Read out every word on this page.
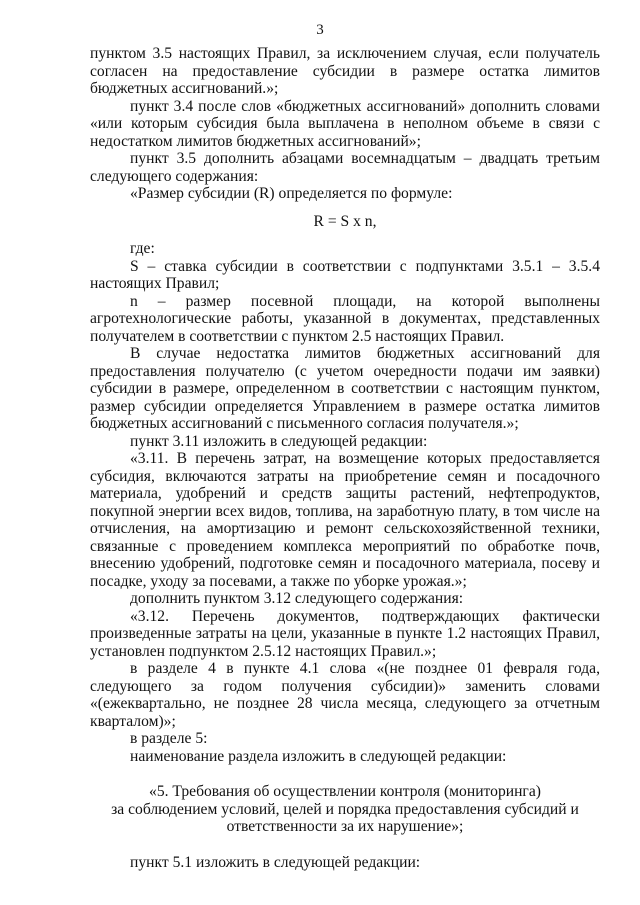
3

пунктом 3.5 настоящих Правил, за исключением случая, если получатель согласен на предоставление субсидии в размере остатка лимитов бюджетных ассигнований.»;

пункт 3.4 после слов «бюджетных ассигнований» дополнить словами «или которым субсидия была выплачена в неполном объеме в связи с недостатком лимитов бюджетных ассигнований»;

пункт 3.5 дополнить абзацами восемнадцатым – двадцать третьим следующего содержания:

«Размер субсидии (R) определяется по формуле:

R = S x n,

где:

S – ставка субсидии в соответствии с подпунктами 3.5.1 – 3.5.4 настоящих Правил;

n – размер посевной площади, на которой выполнены агротехнологические работы, указанной в документах, представленных получателем в соответствии с пунктом 2.5 настоящих Правил.

В случае недостатка лимитов бюджетных ассигнований для предоставления получателю (с учетом очередности подачи им заявки) субсидии в размере, определенном в соответствии с настоящим пунктом, размер субсидии определяется Управлением в размере остатка лимитов бюджетных ассигнований с письменного согласия получателя.»;

пункт 3.11 изложить в следующей редакции:

«3.11. В перечень затрат, на возмещение которых предоставляется субсидия, включаются затраты на приобретение семян и посадочного материала, удобрений и средств защиты растений, нефтепродуктов, покупной энергии всех видов, топлива, на заработную плату, в том числе на отчисления, на амортизацию и ремонт сельскохозяйственной техники, связанные с проведением комплекса мероприятий по обработке почв, внесению удобрений, подготовке семян и посадочного материала, посеву и посадке, уходу за посевами, а также по уборке урожая.»;

дополнить пунктом 3.12 следующего содержания:

«3.12. Перечень документов, подтверждающих фактически произведенные затраты на цели, указанные в пункте 1.2 настоящих Правил, установлен подпунктом 2.5.12 настоящих Правил.»;

в разделе 4 в пункте 4.1 слова «(не позднее 01 февраля года, следующего за годом получения субсидии)» заменить словами «(ежеквартально, не позднее 28 числа месяца, следующего за отчетным кварталом)»;

в разделе 5:

наименование раздела изложить в следующей редакции:

«5. Требования об осуществлении контроля (мониторинга)

за соблюдением условий, целей и порядка предоставления субсидий и

ответственности за их нарушение»;

пункт 5.1 изложить в следующей редакции:
